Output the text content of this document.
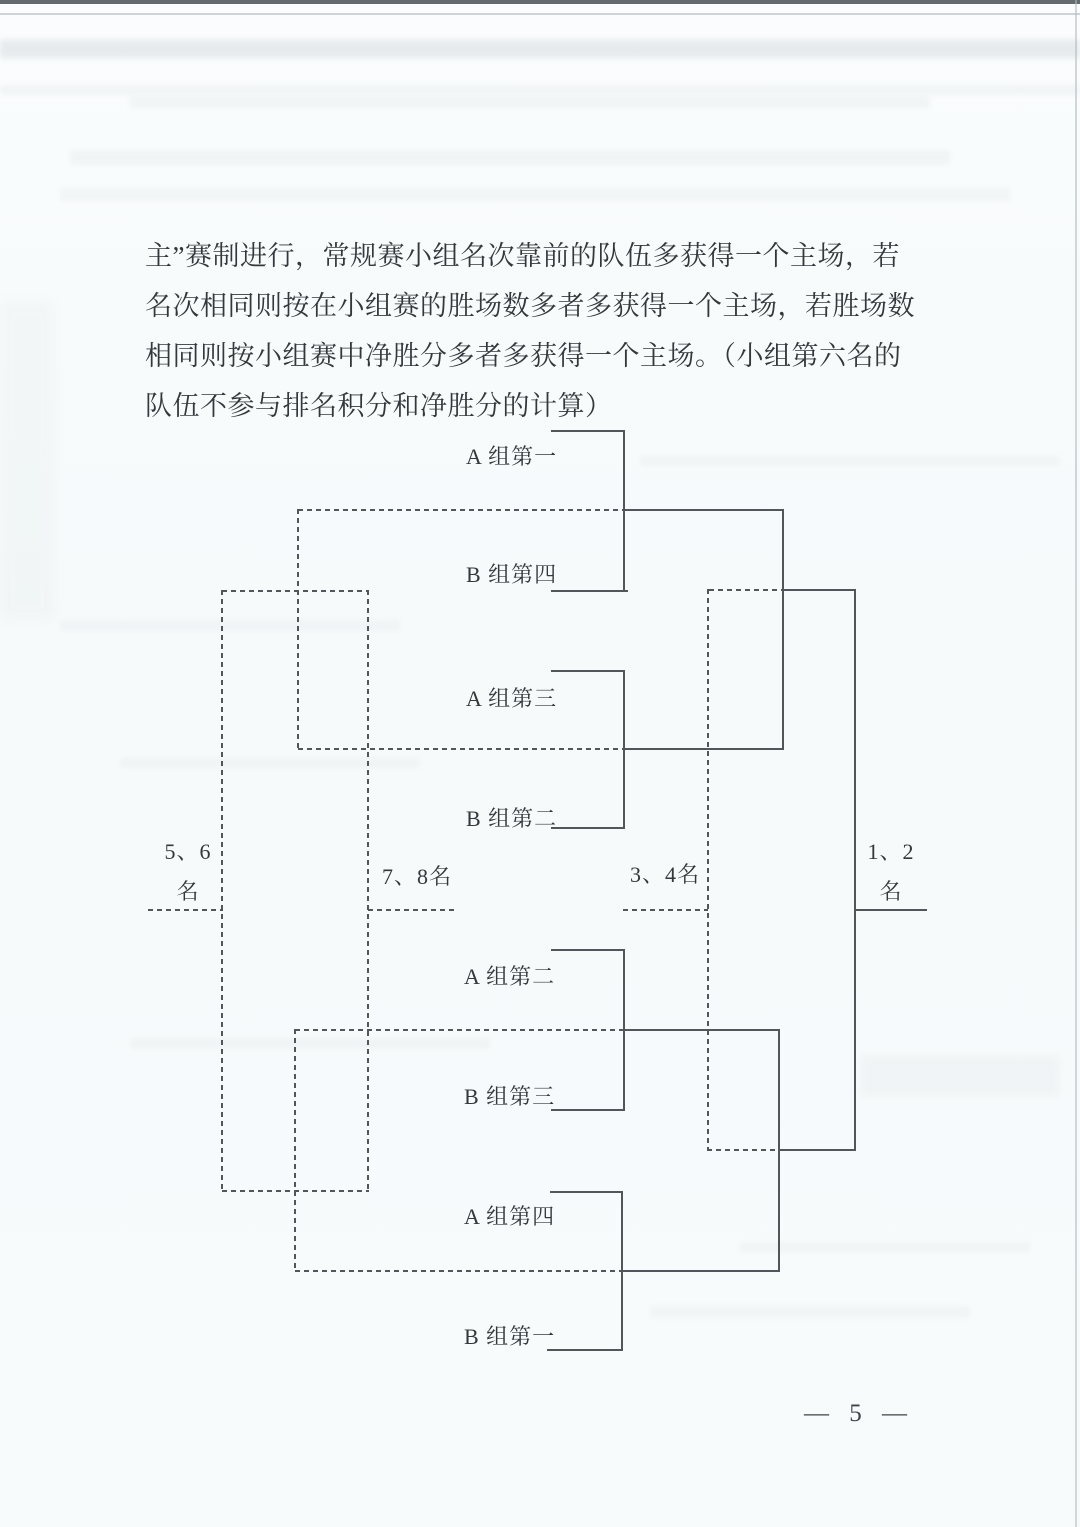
主”赛制进行，常规赛小组名次靠前的队伍多获得一个主场，若
名次相同则按在小组赛的胜场数多者多获得一个主场，若胜场数
相同则按小组赛中净胜分多者多获得一个主场。（小组第六名的
队伍不参与排名积分和净胜分的计算）
A 组第一
B 组第四
A 组第三
B 组第二
A 组第二
B 组第三
A 组第四
B 组第一
5、6
名
7、8名	3、4名
1、2
名
— 5 —
